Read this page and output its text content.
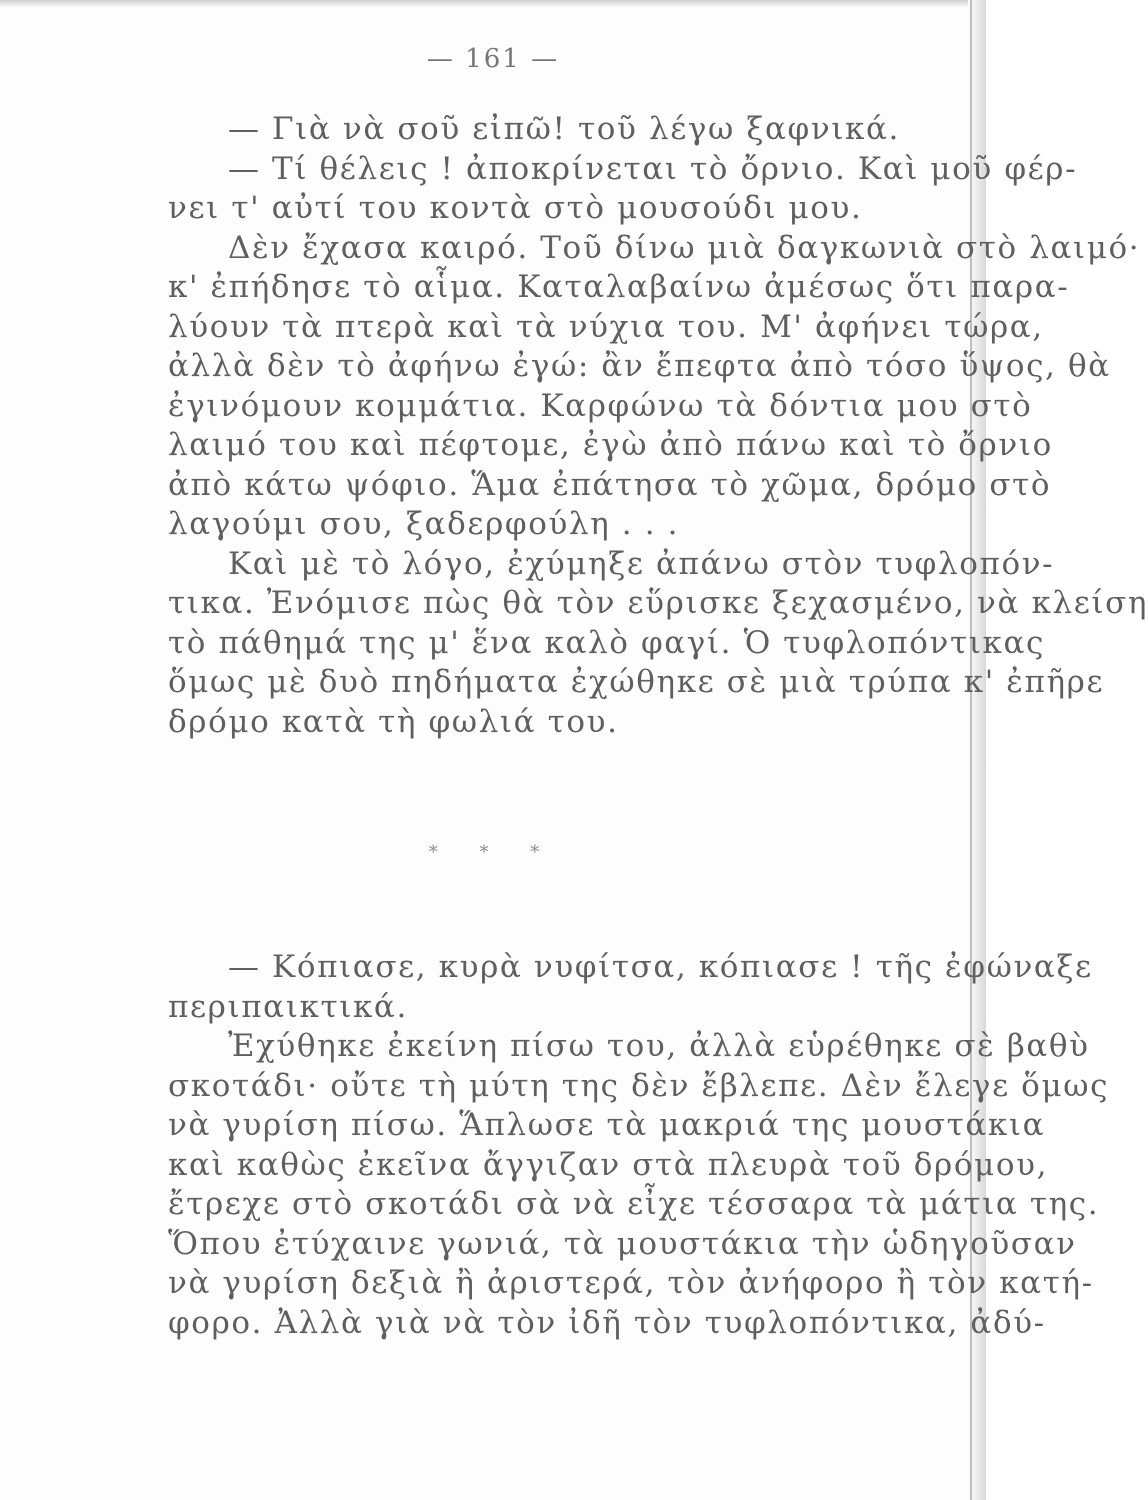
— 161 —
— Γιὰ νὰ σοῦ εἰπῶ! τοῦ λέγω ξαφνικά.
— Τί θέλεις ! ἀποκρίνεται τὸ ὄρνιο. Καὶ μοῦ φέρ-
νει τ' αὐτί του κοντὰ στὸ μουσούδι μου.
Δὲν ἔχασα καιρό. Τοῦ δίνω μιὰ δαγκωνιὰ στὸ λαιμό·
κ' ἐπήδησε τὸ αἷμα. Καταλαβαίνω ἀμέσως ὅτι παρα-
λύουν τὰ πτερὰ καὶ τὰ νύχια του. Μ' ἀφήνει τώρα,
ἀλλὰ δὲν τὸ ἀφήνω ἐγώ: ἂν ἔπεφτα ἀπὸ τόσο ὕψος, θὰ
ἐγινόμουν κομμάτια. Καρφώνω τὰ δόντια μου στὸ
λαιμό του καὶ πέφτομε, ἐγὼ ἀπὸ πάνω καὶ τὸ ὄρνιο
ἀπὸ κάτω ψόφιο. Ἅμα ἐπάτησα τὸ χῶμα, δρόμο στὸ
λαγούμι σου, ξαδερφούλη . . .
Καὶ μὲ τὸ λόγο, ἐχύμηξε ἀπάνω στὸν τυφλοπόν-
τικα. Ἐνόμισε πὼς θὰ τὸν εὕρισκε ξεχασμένο, νὰ κλείση
τὸ πάθημά της μ' ἕνα καλὸ φαγί. Ὁ τυφλοπόντικας
ὅμως μὲ δυὸ πηδήματα ἐχώθηκε σὲ μιὰ τρύπα κ' ἐπῆρε
δρόμο κατὰ τὴ φωλιά του.
* * *
— Κόπιασε, κυρὰ νυφίτσα, κόπιασε ! τῆς ἐφώναξε
περιπαικτικά.
Ἐχύθηκε ἐκείνη πίσω του, ἀλλὰ εὑρέθηκε σὲ βαθὺ
σκοτάδι· οὔτε τὴ μύτη της δὲν ἔβλεπε. Δὲν ἔλεγε ὅμως
νὰ γυρίση πίσω. Ἅπλωσε τὰ μακριά της μουστάκια
καὶ καθὼς ἐκεῖνα ἄγγιζαν στὰ πλευρὰ τοῦ δρόμου,
ἔτρεχε στὸ σκοτάδι σὰ νὰ εἶχε τέσσαρα τὰ μάτια της.
Ὅπου ἐτύχαινε γωνιά, τὰ μουστάκια τὴν ὡδηγοῦσαν
νὰ γυρίση δεξιὰ ἢ ἀριστερά, τὸν ἀνήφορο ἢ τὸν κατή-
φορο. Ἀλλὰ γιὰ νὰ τὸν ἰδῆ τὸν τυφλοπόντικα, ἀδύ-
